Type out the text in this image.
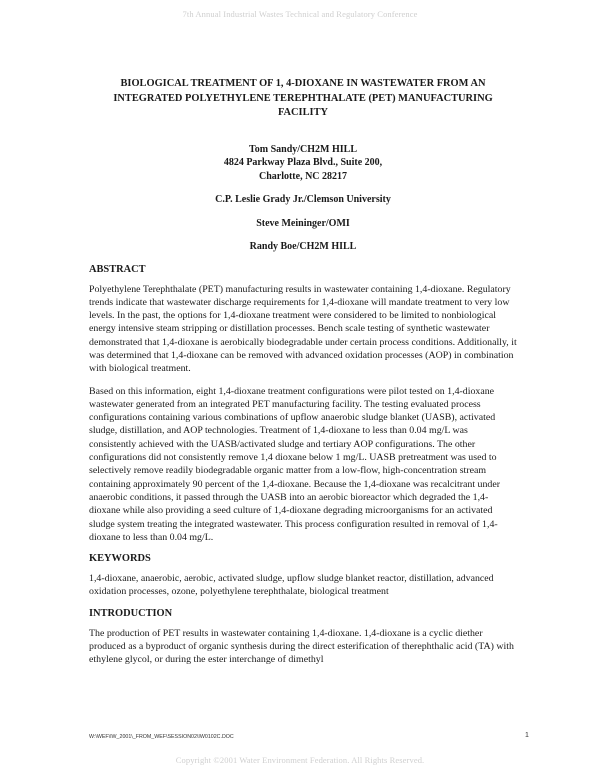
7th Annual Industrial Wastes Technical and Regulatory Conference
BIOLOGICAL TREATMENT OF 1, 4-DIOXANE IN WASTEWATER FROM AN
INTEGRATED POLYETHYLENE TEREPHTHALATE (PET) MANUFACTURING
FACILITY
Tom Sandy/CH2M HILL
4824 Parkway Plaza Blvd., Suite 200,
Charlotte, NC 28217
C.P. Leslie Grady Jr./Clemson University
Steve Meininger/OMI
Randy Boe/CH2M HILL
ABSTRACT

Polyethylene Terephthalate (PET) manufacturing results in wastewater containing 1,4-dioxane. Regulatory trends indicate that wastewater discharge requirements for 1,4-dioxane will mandate treatment to very low levels. In the past, the options for 1,4-dioxane treatment were considered to be limited to nonbiological energy intensive steam stripping or distillation processes. Bench scale testing of synthetic wastewater demonstrated that 1,4-dioxane is aerobically biodegradable under certain process conditions. Additionally, it was determined that 1,4-dioxane can be removed with advanced oxidation processes (AOP) in combination with biological treatment.

Based on this information, eight 1,4-dioxane treatment configurations were pilot tested on 1,4-dioxane wastewater generated from an integrated PET manufacturing facility. The testing evaluated process configurations containing various combinations of upflow anaerobic sludge blanket (UASB), activated sludge, distillation, and AOP technologies. Treatment of 1,4-dioxane to less than 0.04 mg/L was consistently achieved with the UASB/activated sludge and tertiary AOP configurations. The other configurations did not consistently remove 1,4 dioxane below 1 mg/L. UASB pretreatment was used to selectively remove readily biodegradable organic matter from a low-flow, high-concentration stream containing approximately 90 percent of the 1,4-dioxane. Because the 1,4-dioxane was recalcitrant under anaerobic conditions, it passed through the UASB into an aerobic bioreactor which degraded the 1,4-dioxane while also providing a seed culture of 1,4-dioxane degrading microorganisms for an activated sludge system treating the integrated wastewater. This process configuration resulted in removal of 1,4-dioxane to less than 0.04 mg/L.

KEYWORDS

1,4-dioxane, anaerobic, aerobic, activated sludge, upflow sludge blanket reactor, distillation, advanced oxidation processes, ozone, polyethylene terephthalate, biological treatment

INTRODUCTION

The production of PET results in wastewater containing 1,4-dioxane. 1,4-dioxane is a cyclic diether produced as a byproduct of organic synthesis during the direct esterification of therephthalic acid (TA) with ethylene glycol, or during the ester interchange of dimethyl

W:\WEF\IW_2001\_FROM_WEF\SESSION02\IW0102C.DOC	1
Copyright ©2001 Water Environment Federation. All Rights Reserved.
